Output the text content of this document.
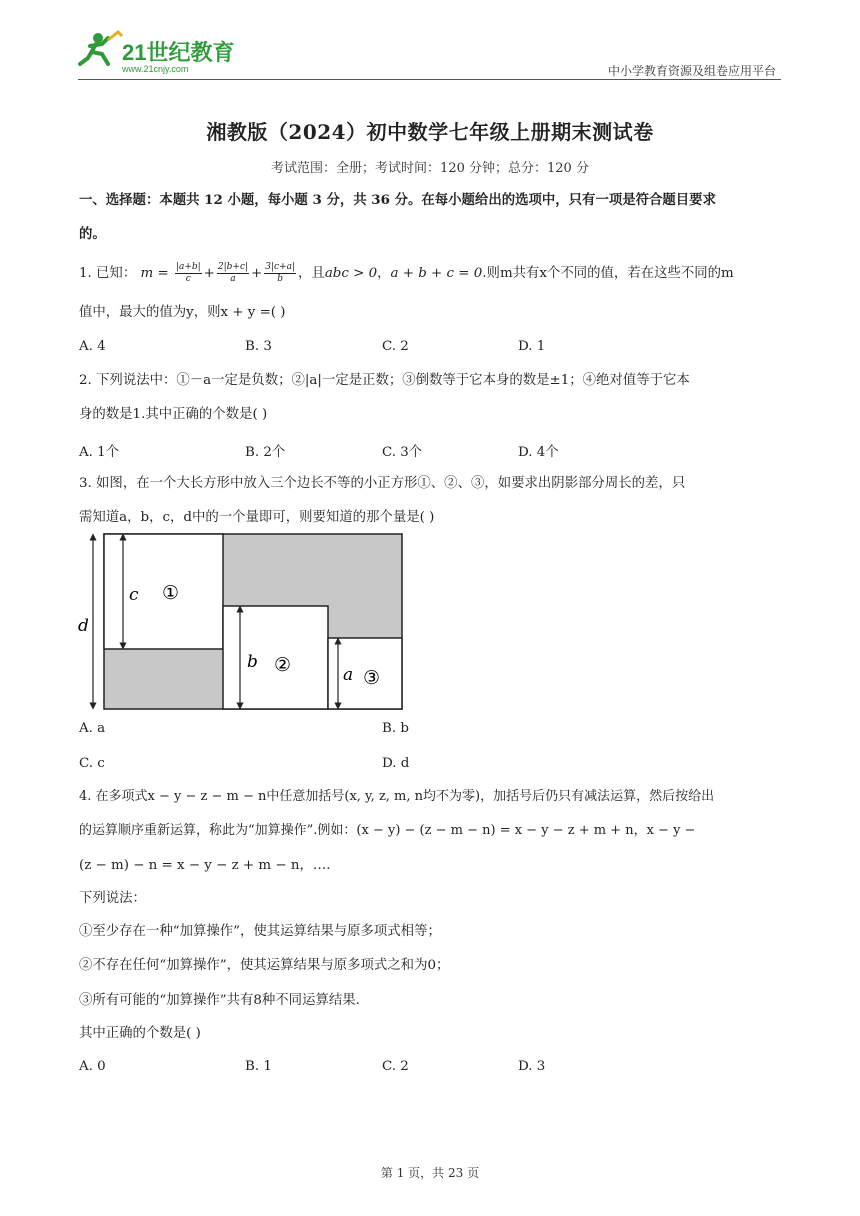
21世纪教育
www.21cnjy.com	中小学教育资源及组卷应用平台
湘教版（2024）初中数学七年级上册期末测试卷
考试范围：全册；考试时间：120 分钟；总分：120 分
一、选择题：本题共 12 小题，每小题 3 分，共 36 分。在每小题给出的选项中，只有一项是符合题目要求
的。
1. 已知： $m = \frac{|a+b|}{c} + \frac{2|b+c|}{a} + \frac{3|c+a|}{b}$ ，且abc > 0，a + b + c = 0.则m共有x个不同的值，若在这些不同的m
值中，最大的值为y，则x + y =( )
A. 4	B. 3	C. 2	D. 1
2. 下列说法中：①－a一定是负数；②|a|一定是正数；③倒数等于它本身的数是±1；④绝对值等于它本
身的数是1.其中正确的个数是( )
A. 1个	B. 2个	C. 3个	D. 4个
3. 如图，在一个大长方形中放入三个边长不等的小正方形①、②、③，如要求出阴影部分周长的差，只
需知道a，b，c，d中的一个量即可，则要知道的那个量是( )
d
c ①
b ②	a ③
A. a	B. b
C. c	D. d
4. 在多项式x − y − z − m − n中任意加括号(x, y, z, m, n均不为零)，加括号后仍只有减法运算，然后按给出
的运算顺序重新运算，称此为“加算操作”.例如：(x − y) − (z − m − n) = x − y − z + m + n，x − y −
(z − m) − n = x − y − z + m − n，….
下列说法：
①至少存在一种“加算操作”，使其运算结果与原多项式相等；
②不存在任何“加算操作”，使其运算结果与原多项式之和为0；
③所有可能的“加算操作”共有8种不同运算结果.
其中正确的个数是( )
A. 0	B. 1	C. 2	D. 3
第 1 页，共 23 页
